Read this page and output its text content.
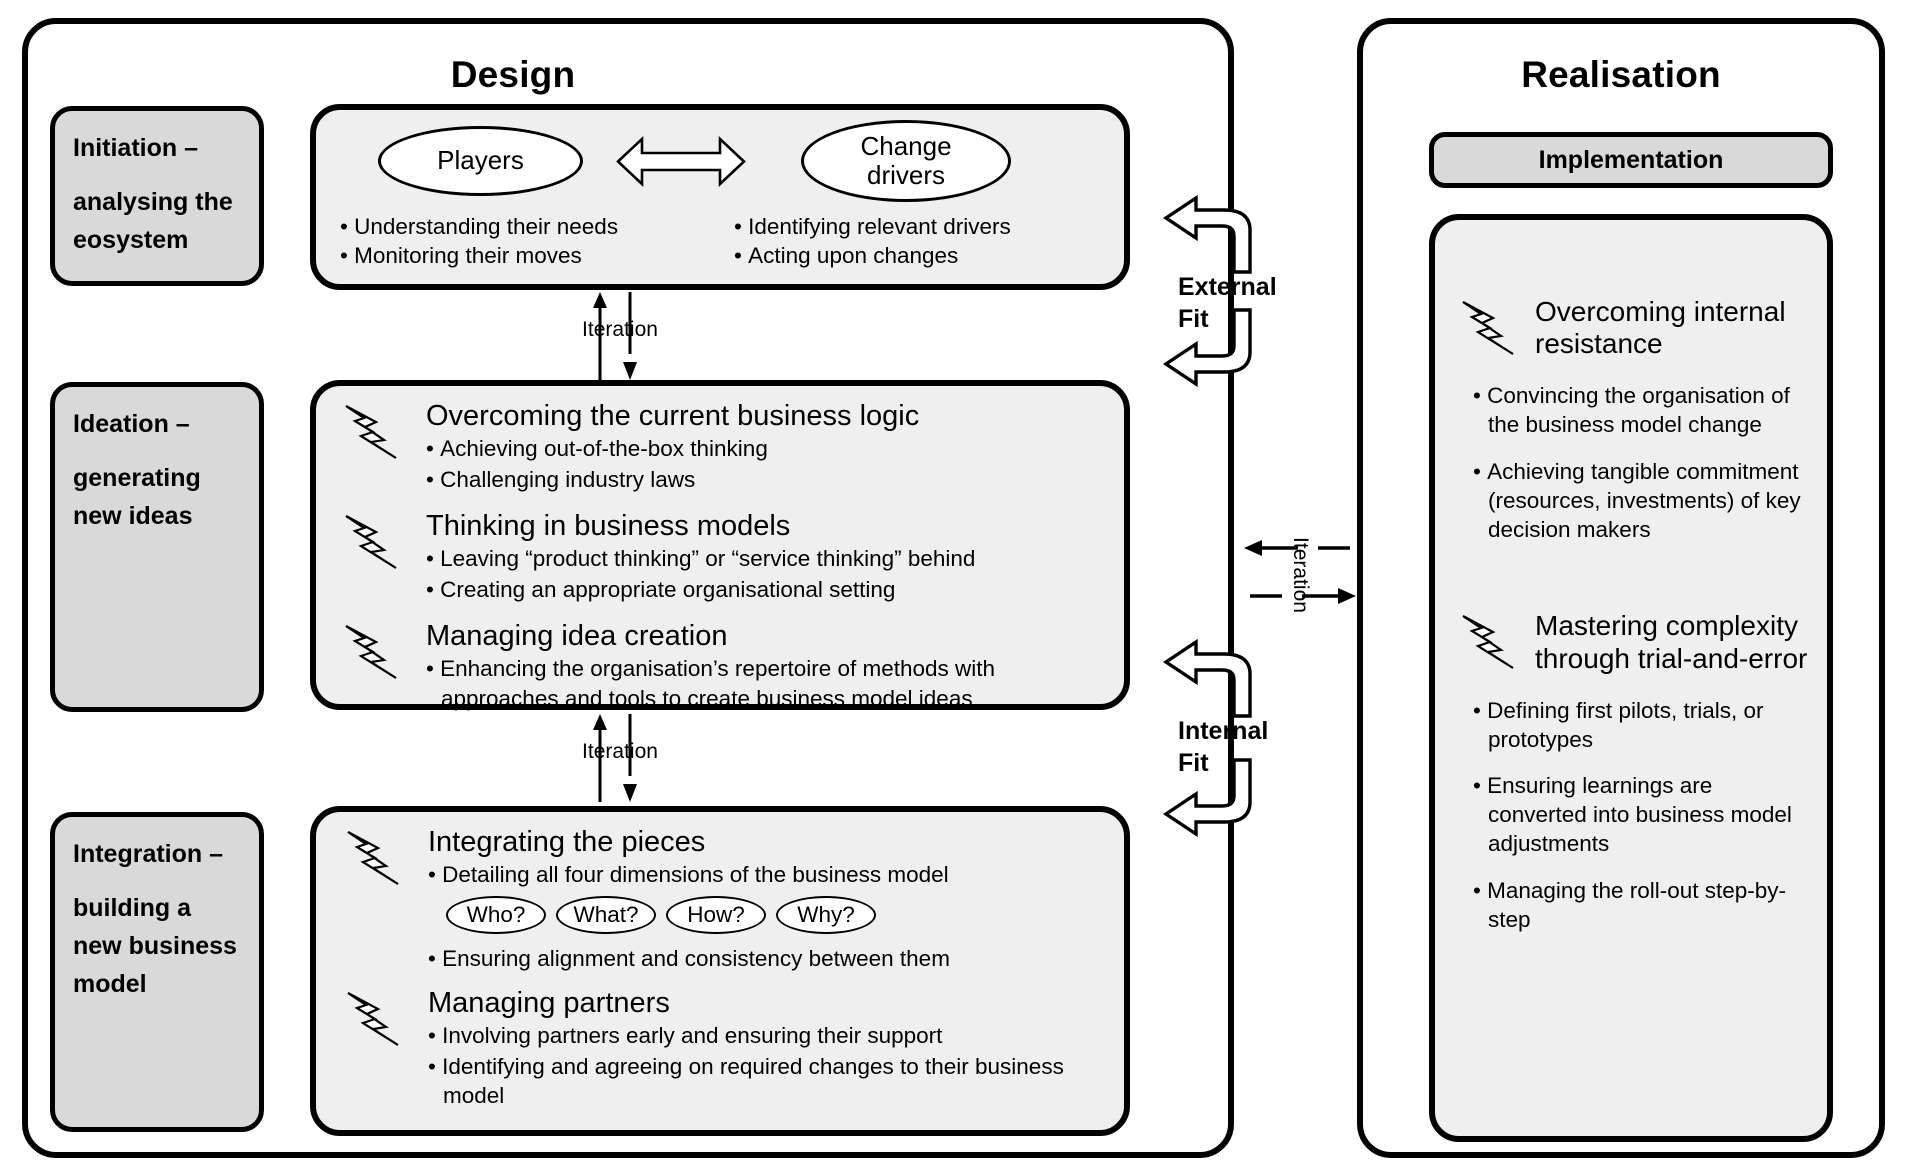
Design
Initiation –
analysing the
eosystem
Ideation –
generating
new ideas
Integration –
building a
new business
model
Players	Change
drivers
• Understanding their needs
• Monitoring their moves
• Identifying relevant drivers
• Acting upon changes
Iteration
Overcoming the current business logic
• Achieving out-of-the-box thinking
• Challenging industry laws
Thinking in business models
• Leaving “product thinking” or “service thinking” behind
• Creating an appropriate organisational setting
Managing idea creation
• Enhancing the organisation’s repertoire of methods with approaches and tools to create business model ideas
Iteration
Integrating the pieces
• Detailing all four dimensions of the business model
Who?	What?	How?	Why?
• Ensuring alignment and consistency between them
Managing partners
• Involving partners early and ensuring their support
• Identifying and agreeing on required changes to their business model
External
Fit
Internal
Fit
Iteration
Realisation
Implementation
Overcoming internal
resistance
• Convincing the organisation of the business model change
• Achieving tangible commitment (resources, investments) of key decision makers
Mastering complexity
through trial-and-error
• Defining first pilots, trials, or prototypes
• Ensuring learnings are converted into business model adjustments
• Managing the roll-out step-by-step
